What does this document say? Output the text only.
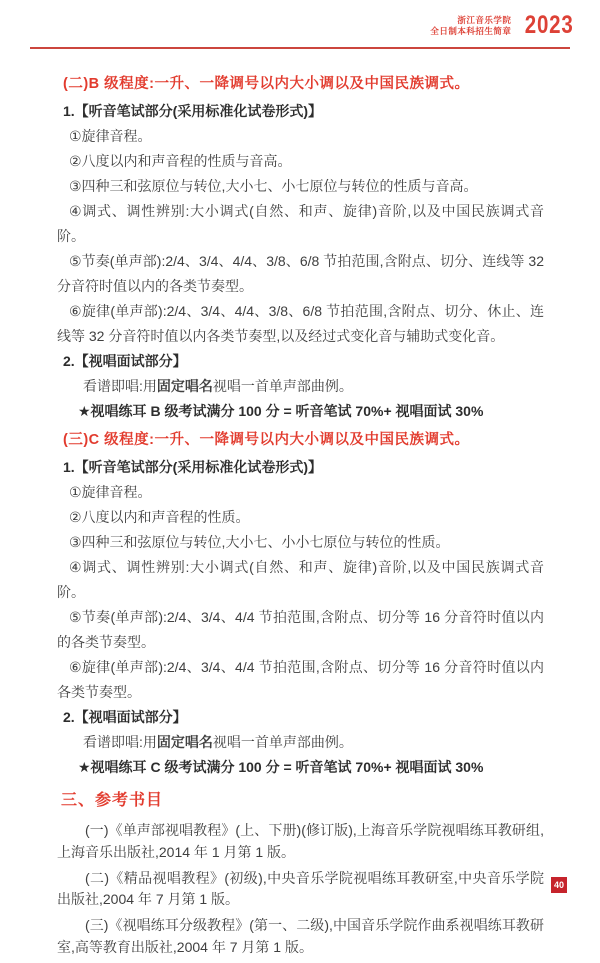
浙江音乐学院
全日制本科招生简章 2023

(二)B 级程度:一升、一降调号以内大小调以及中国民族调式。

1.【听音笔试部分(采用标准化试卷形式)】

①旋律音程。

②八度以内和声音程的性质与音高。

③四种三和弦原位与转位,大小七、小七原位与转位的性质与音高。

④调式、调性辨别:大小调式(自然、和声、旋律)音阶,以及中国民族调式音阶。

⑤节奏(单声部):2/4、3/4、4/4、3/8、6/8 节拍范围,含附点、切分、连线等 32 分音符时值以内的各类节奏型。

⑥旋律(单声部):2/4、3/4、4/4、3/8、6/8 节拍范围,含附点、切分、休止、连线等 32 分音符时值以内各类节奏型,以及经过式变化音与辅助式变化音。

2.【视唱面试部分】

看谱即唱:用固定唱名视唱一首单声部曲例。

★视唱练耳 B 级考试满分 100 分 = 听音笔试 70%+ 视唱面试 30%

(三)C 级程度:一升、一降调号以内大小调以及中国民族调式。

1.【听音笔试部分(采用标准化试卷形式)】

①旋律音程。

②八度以内和声音程的性质。

③四种三和弦原位与转位,大小七、小小七原位与转位的性质。

④调式、调性辨别:大小调式(自然、和声、旋律)音阶,以及中国民族调式音阶。

⑤节奏(单声部):2/4、3/4、4/4 节拍范围,含附点、切分等 16 分音符时值以内的各类节奏型。

⑥旋律(单声部):2/4、3/4、4/4 节拍范围,含附点、切分等 16 分音符时值以内各类节奏型。

2.【视唱面试部分】

看谱即唱:用固定唱名视唱一首单声部曲例。

★视唱练耳 C 级考试满分 100 分 = 听音笔试 70%+ 视唱面试 30%

三、参考书目

(一)《单声部视唱教程》(上、下册)(修订版),上海音乐学院视唱练耳教研组,上海音乐出版社,2014 年 1 月第 1 版。

(二)《精品视唱教程》(初级),中央音乐学院视唱练耳教研室,中央音乐学院出版社,2004 年 7 月第 1 版。

(三)《视唱练耳分级教程》(第一、二级),中国音乐学院作曲系视唱练耳教研室,高等教育出版社,2004 年 7 月第 1 版。

40
